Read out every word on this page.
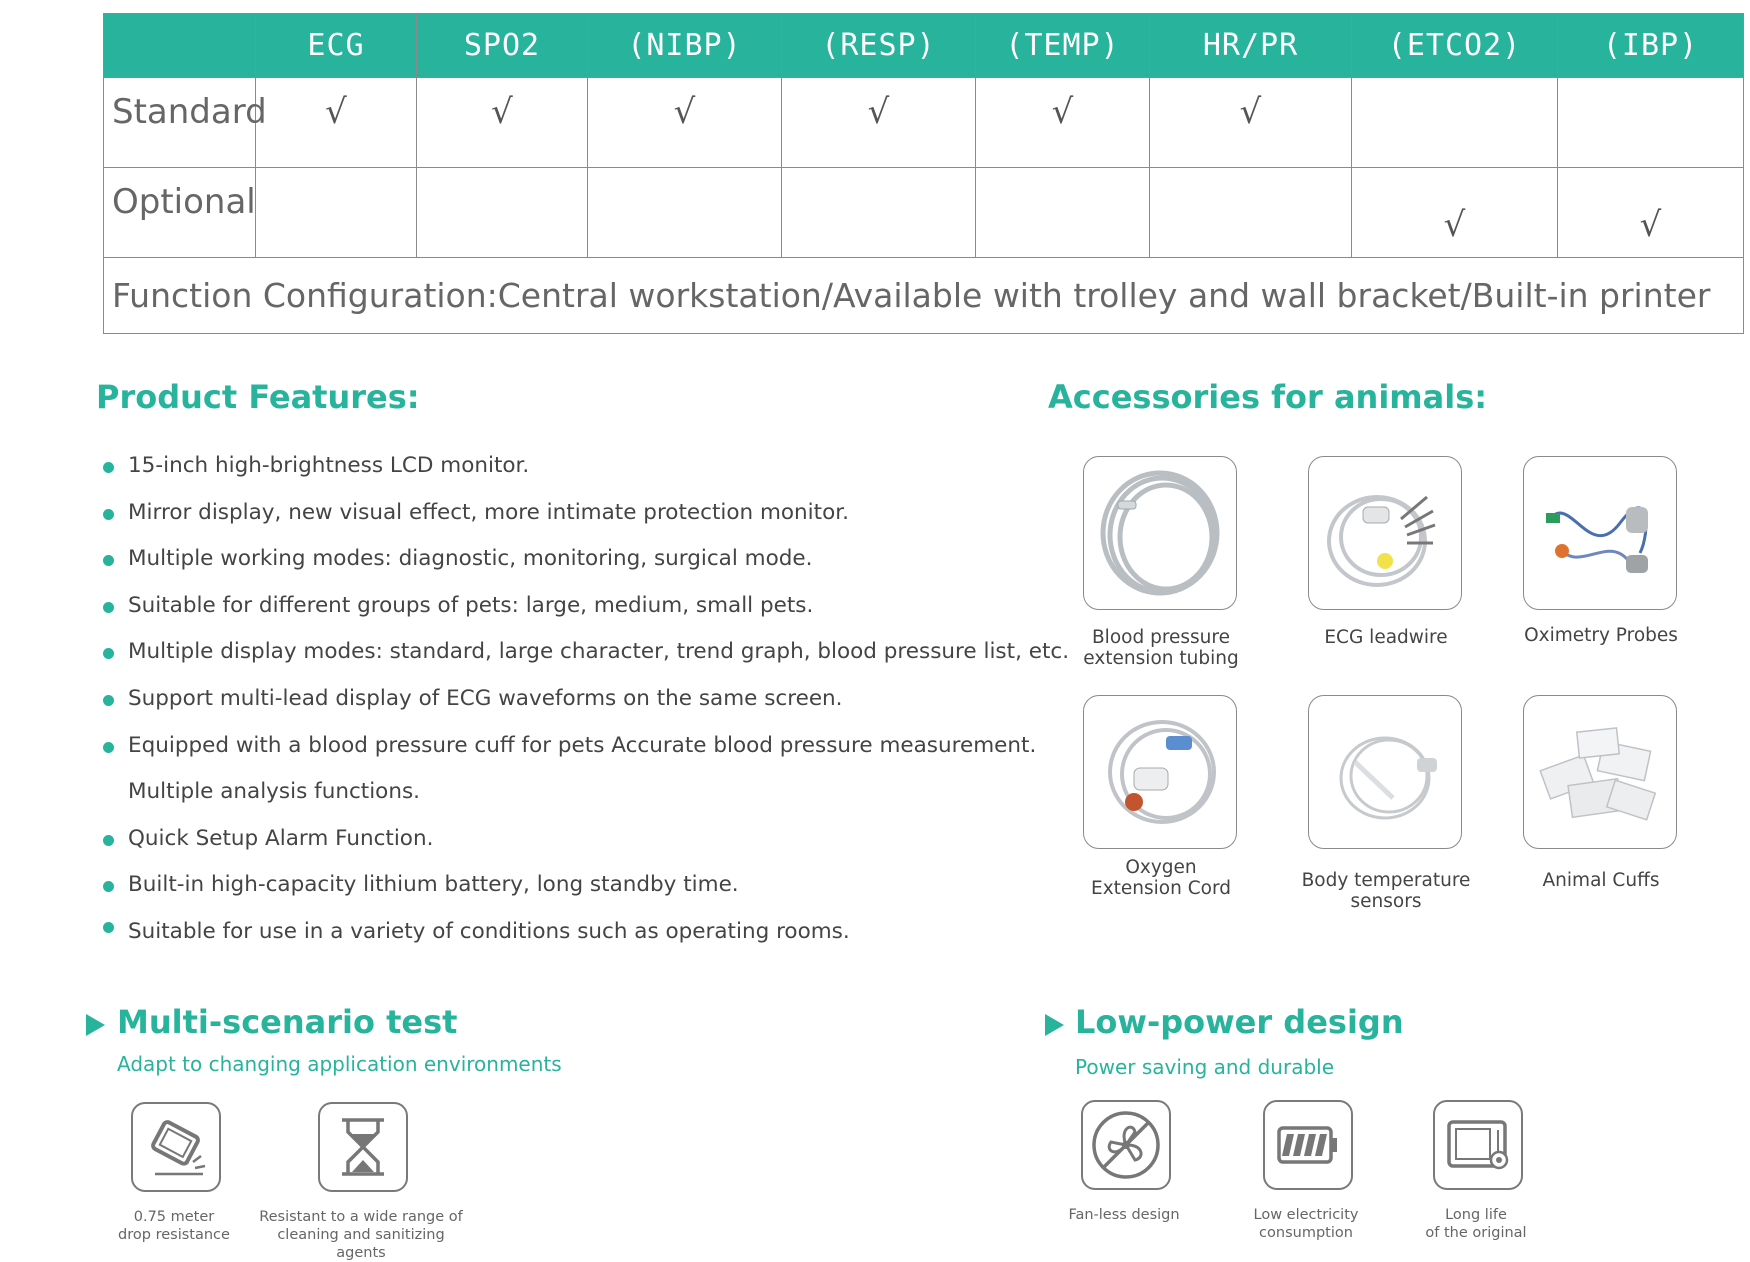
	ECG	SPO2	(NIBP)	(RESP)	(TEMP)	HR/PR	(ETCO2)	(IBP)
Standard	√	√	√	√	√	√		
Optional							√	√
Function Configuration:Central workstation/Available with trolley and wall bracket/Built-in printer								
Product Features:
15-inch high-brightness LCD monitor.
Mirror display, new visual effect, more intimate protection monitor.
Multiple working modes: diagnostic, monitoring, surgical mode.
Suitable for different groups of pets: large, medium, small pets.
Multiple display modes: standard, large character, trend graph, blood pressure list, etc.
Support multi-lead display of ECG waveforms on the same screen.
Equipped with a blood pressure cuff for pets Accurate blood pressure measurement.
Multiple analysis functions.
Quick Setup Alarm Function.
Built-in high-capacity lithium battery, long standby time.
Suitable for use in a variety of conditions such as operating rooms.
Accessories for animals:
Blood pressure
extension tubing
ECG leadwire	Oximetry Probes
Oxygen
Extension Cord	Body temperature
sensors
Animal Cuffs
Multi-scenario test

Adapt to changing application environments

0.75 meter
drop resistance
Resistant to a wide range of
cleaning and sanitizing agents
Low-power design

Power saving and durable

Fan-less design	Low electricity
consumption
Long life
of the original
